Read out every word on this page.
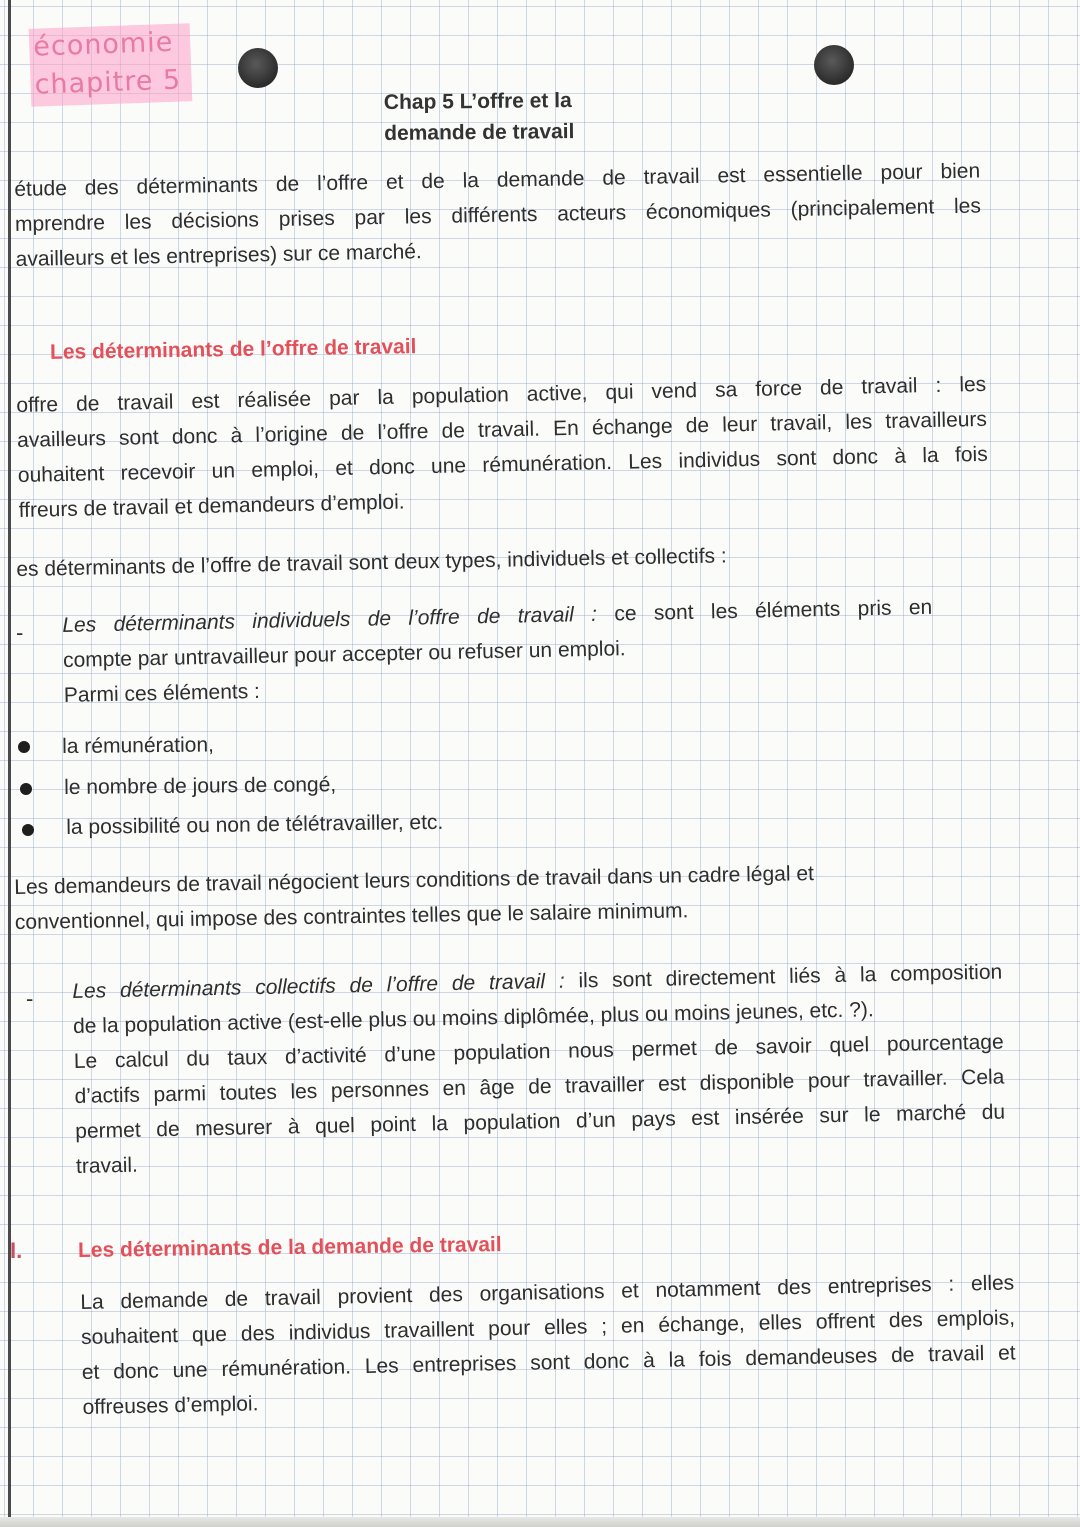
économie
chapitre 5
Chap 5 L’offre et la
demande de travail
étude des déterminants de l’offre et de la demande de travail est essentielle pour bien
mprendre les décisions prises par les différents acteurs économiques (principalement les
availleurs et les entreprises) sur ce marché.
Les déterminants de l’offre de travail
offre de travail est réalisée par la population active, qui vend sa force de travail : les
availleurs sont donc à l’origine de l’offre de travail. En échange de leur travail, les travailleurs
ouhaitent recevoir un emploi, et donc une rémunération. Les individus sont donc à la fois
ffreurs de travail et demandeurs d’emploi.
es déterminants de l’offre de travail sont deux types, individuels et collectifs :
- Les déterminants individuels de l’offre de travail : ce sont les éléments pris en
compte par untravailleur pour accepter ou refuser un emploi.
Parmi ces éléments :
la rémunération,
le nombre de jours de congé,
la possibilité ou non de télétravailler, etc.
Les demandeurs de travail négocient leurs conditions de travail dans un cadre légal et
conventionnel, qui impose des contraintes telles que le salaire minimum.
- Les déterminants collectifs de l’offre de travail : ils sont directement liés à la composition
de la population active (est-elle plus ou moins diplômée, plus ou moins jeunes, etc. ?).
Le calcul du taux d’activité d’une population nous permet de savoir quel pourcentage
d’actifs parmi toutes les personnes en âge de travailler est disponible pour travailler. Cela
permet de mesurer à quel point la population d’un pays est insérée sur le marché du
travail.
I.	Les déterminants de la demande de travail
La demande de travail provient des organisations et notamment des entreprises : elles
souhaitent que des individus travaillent pour elles ; en échange, elles offrent des emplois,
et donc une rémunération. Les entreprises sont donc à la fois demandeuses de travail et
offreuses d’emploi.
